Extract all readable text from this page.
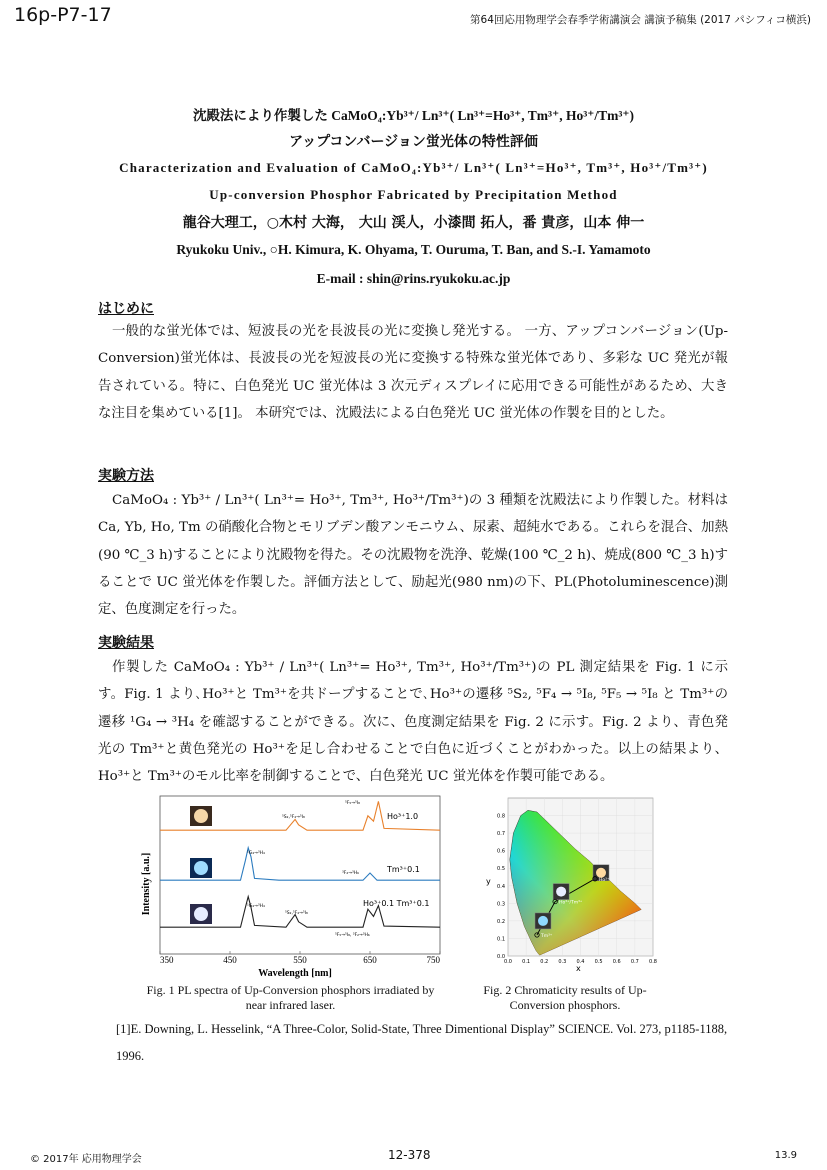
16p-P7-17	第64回応用物理学会春季学術講演会 講演予稿集 (2017 パシフィコ横浜)
沈殿法により作製した CaMoO₄:Yb³⁺/ Ln³⁺( Ln³⁺=Ho³⁺, Tm³⁺, Ho³⁺/Tm³⁺)
アップコンバージョン蛍光体の特性評価
Characterization and Evaluation of CaMoO₄:Yb³⁺/ Ln³⁺( Ln³⁺=Ho³⁺, Tm³⁺, Ho³⁺/Tm³⁺)
Up-conversion Phosphor Fabricated by Precipitation Method
龍谷大理工，○木村 大海， 大山 渓人，小漆間 拓人，番 貴彦，山本 伸一
Ryukoku Univ., ○H. Kimura, K. Ohyama, T. Ouruma, T. Ban, and S.-I. Yamamoto
E-mail : shin@rins.ryukoku.ac.jp
はじめに

一般的な蛍光体では、短波長の光を長波長の光に変換し発光する。 一方、アップコンバージョン(Up-Conversion)蛍光体は、長波長の光を短波長の光に変換する特殊な蛍光体であり、多彩な UC 発光が報告されている。特に、白色発光 UC 蛍光体は 3 次元ディスプレイに応用できる可能性があるため、大きな注目を集めている[1]。 本研究では、沈殿法による白色発光 UC 蛍光体の作製を目的とした。

実験方法

CaMoO₄ : Yb³⁺ / Ln³⁺( Ln³⁺= Ho³⁺, Tm³⁺, Ho³⁺/Tm³⁺)の 3 種類を沈殿法により作製した。材料は Ca, Yb, Ho, Tm の硝酸化合物とモリブデン酸アンモニウム、尿素、超純水である。これらを混合、加熱(90 ℃_3 h)することにより沈殿物を得た。その沈殿物を洗浄、乾燥(100 ℃_2 h)、焼成(800 ℃_3 h)することで UC 蛍光体を作製した。評価方法として、励起光(980 nm)の下、PL(Photoluminescence)測定、色度測定を行った。

実験結果

作製した CaMoO₄ : Yb³⁺ / Ln³⁺( Ln³⁺= Ho³⁺, Tm³⁺, Ho³⁺/Tm³⁺)の PL 測定結果を Fig. 1 に示す。Fig. 1 より､Ho³⁺と Tm³⁺を共ドープすることで､Ho³⁺の遷移 ⁵S₂, ⁵F₄ → ⁵I₈, ⁵F₅ → ⁵I₈ と Tm³⁺の遷移 ¹G₄ → ³H₄ を確認することができる。次に、色度測定結果を Fig. 2 に示す。Fig. 2 より、青色発光の Tm³⁺と黄色発光の Ho³⁺を足し合わせることで白色に近づくことがわかった。以上の結果より、Ho³⁺と Tm³⁺のモル比率を制御することで、白色発光 UC 蛍光体を作製可能である。

350	450	550	650	750
Intensity [a.u.]
Wavelength [nm]
Ho³⁺1.0
Tm³⁺0.1
Ho³⁺0.1 Tm³⁺0.1
⁵S₂,⁵F₄→⁵I₈
⁵F₅→⁵I₈
¹G₄→³H₄
³F₂→³H₆
¹G₄→³H₄
⁵S₂,⁵F₄→⁵I₈
⁵F₅→⁵I₈, ³F₂→³H₆	Tm³⁺
Ho³⁺/Tm³⁺
Ho³⁺
0.0
0.1
0.2
0.3
0.4
0.5
0.6
0.7
0.8
0.0 0.1 0.2 0.3 0.4 0.5 0.6 0.7 0.8
y
x
Fig. 1 PL spectra of Up-Conversion phosphors irradiated by near infrared laser.
Fig. 2 Chromaticity results of Up-Conversion phosphors.
[1]E. Downing, L. Hesselink, “A Three-Color, Solid-State, Three Dimentional Display” SCIENCE. Vol. 273, p1185-1188, 1996.
© 2017年 応用物理学会	12-378	13.9
